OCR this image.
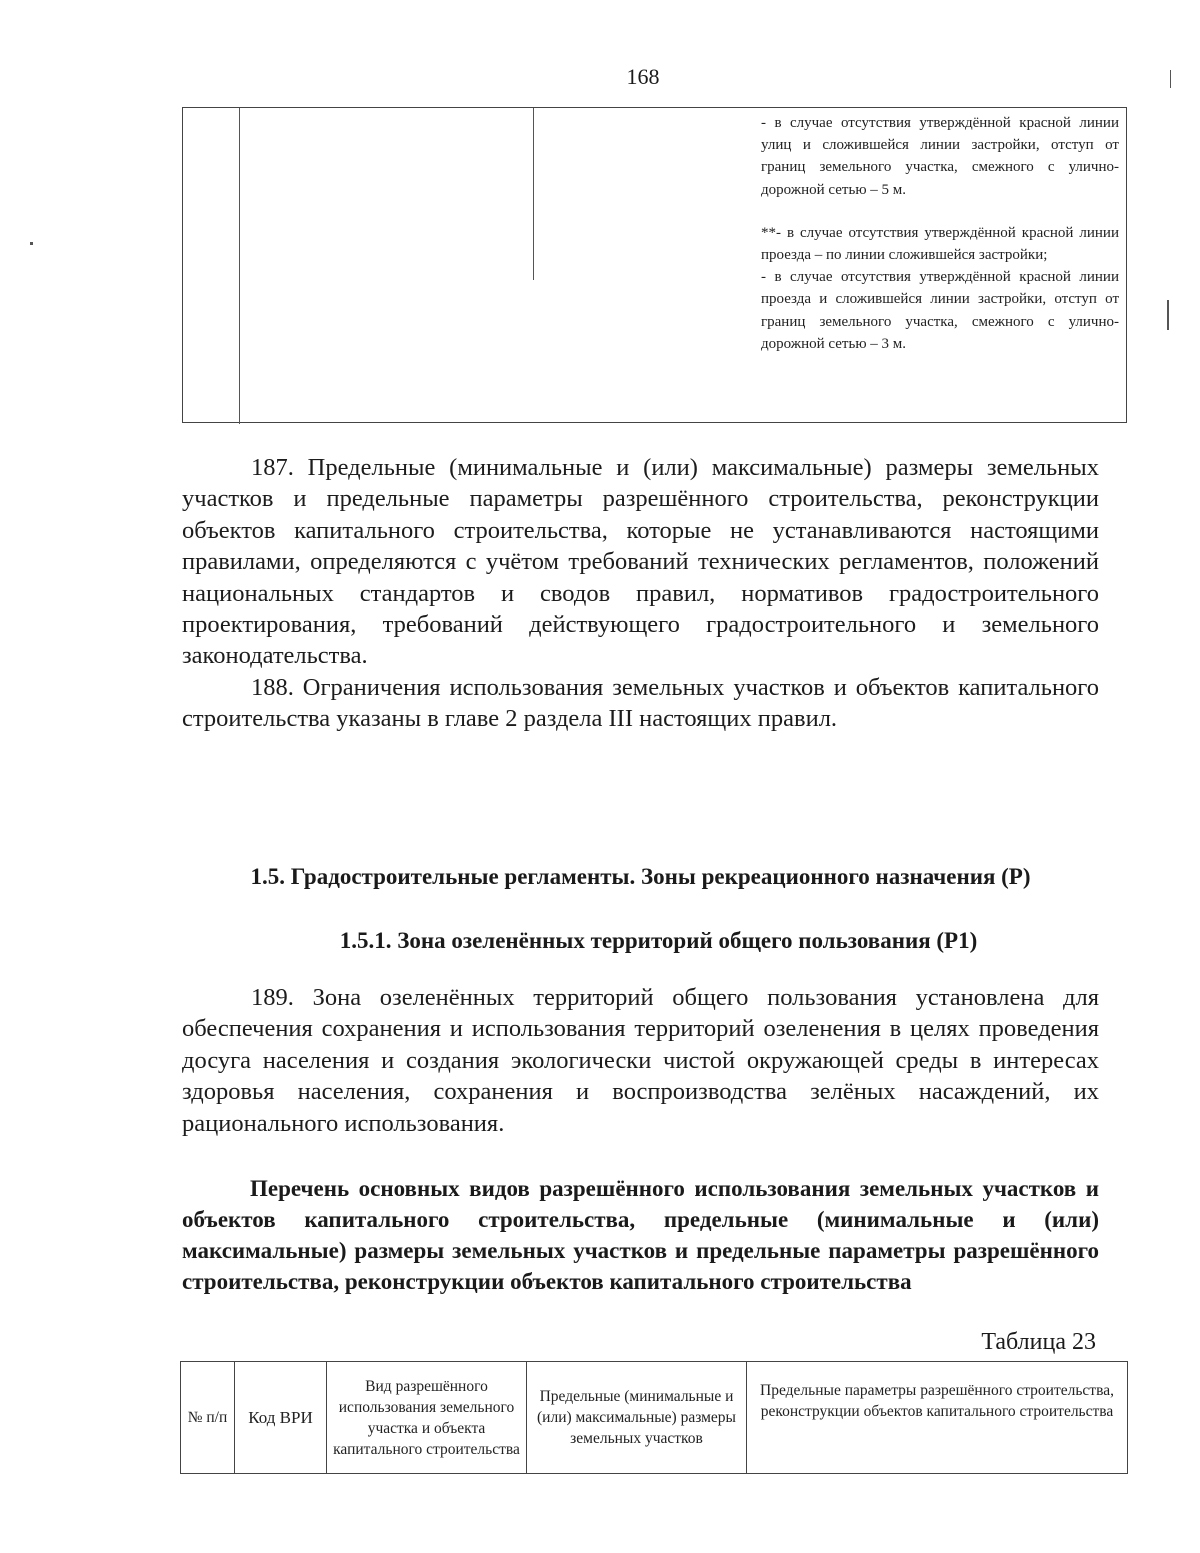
168

- в случае отсутствия утверждённой красной линии улиц и сложившейся линии застройки, отступ от границ земельного участка, смежного с улично-дорожной сетью – 5 м.

**- в случае отсутствия утверждённой красной линии проезда – по линии сложившейся застройки;

- в случае отсутствия утверждённой красной линии проезда и сложившейся линии застройки, отступ от границ земельного участка, смежного с улично-дорожной сетью – 3 м.

187. Предельные (минимальные и (или) максимальные) размеры земельных участков и предельные параметры разрешённого строительства, реконструкции объектов капитального строительства, которые не устанавливаются настоящими правилами, определяются с учётом требований технических регламентов, положений национальных стандартов и сводов правил, нормативов градостроительного проектирования, требований действующего градостроительного и земельного законодательства.

188. Ограничения использования земельных участков и объектов капитального строительства указаны в главе 2 раздела III настоящих правил.

1.5. Градостроительные регламенты. Зоны рекреационного назначения (Р)
1.5.1. Зона озеленённых территорий общего пользования (Р1)

189. Зона озеленённых территорий общего пользования установлена для обеспечения сохранения и использования территорий озеленения в целях проведения досуга населения и создания экологически чистой окружающей среды в интересах здоровья населения, сохранения и воспроизводства зелёных насаждений, их рационального использования.

Перечень основных видов разрешённого использования земельных участков и объектов капитального строительства, предельные (минимальные и (или) максимальные) размеры земельных участков и предельные параметры разрешённого строительства, реконструкции объектов капитального строительства
Таблица 23
№ п/п	Код ВРИ	Вид разрешённого использования земельного участка и объекта капитального строительства	Предельные (минимальные и (или) максимальные) размеры земельных участков	Предельные параметры разрешённого строительства, реконструкции объектов капитального строительства
